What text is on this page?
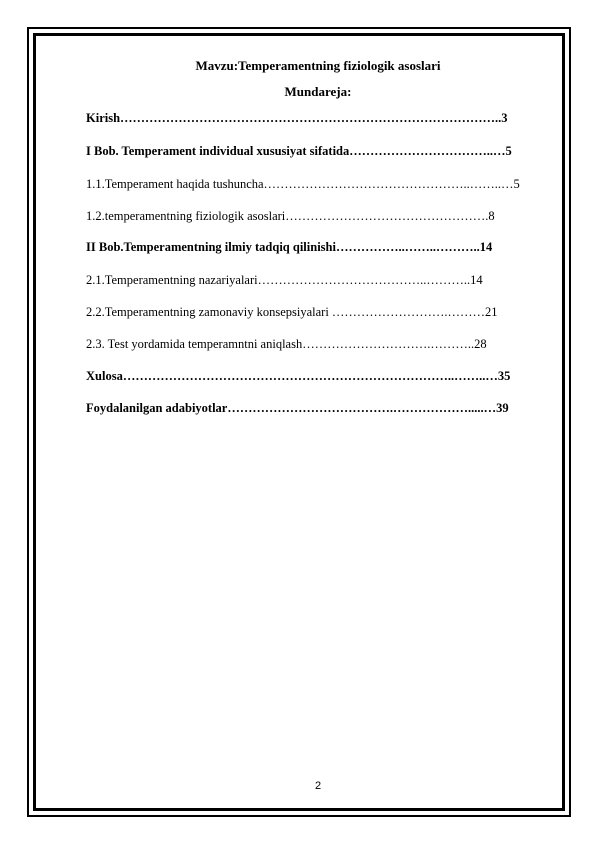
Mavzu:Temperamentning fiziologik asoslari
Mundareja:
Kirish………………………………………………………………………………..3
I Bob. Temperament individual xususiyat sifatida……………………………..…5
1.1.Temperament haqida tushuncha…………………………………………..……..…5
1.2.temperamentning fiziologik asoslari………………………………………….8
II Bob.Temperamentning ilmiy tadqiq qilinishi……………..……..………..14
2.1.Temperamentning nazariyalari…………………………………..………..14
2.2.Temperamentning zamonaviy konsepsiyalari ……………………….………21
2.3. Test yordamida temperamntni aniqlash………………………….………..28
Xulosa……………………………………………………………………..……..…35
Foydalanilgan adabiyotlar………………………………….……………….....…39
2
